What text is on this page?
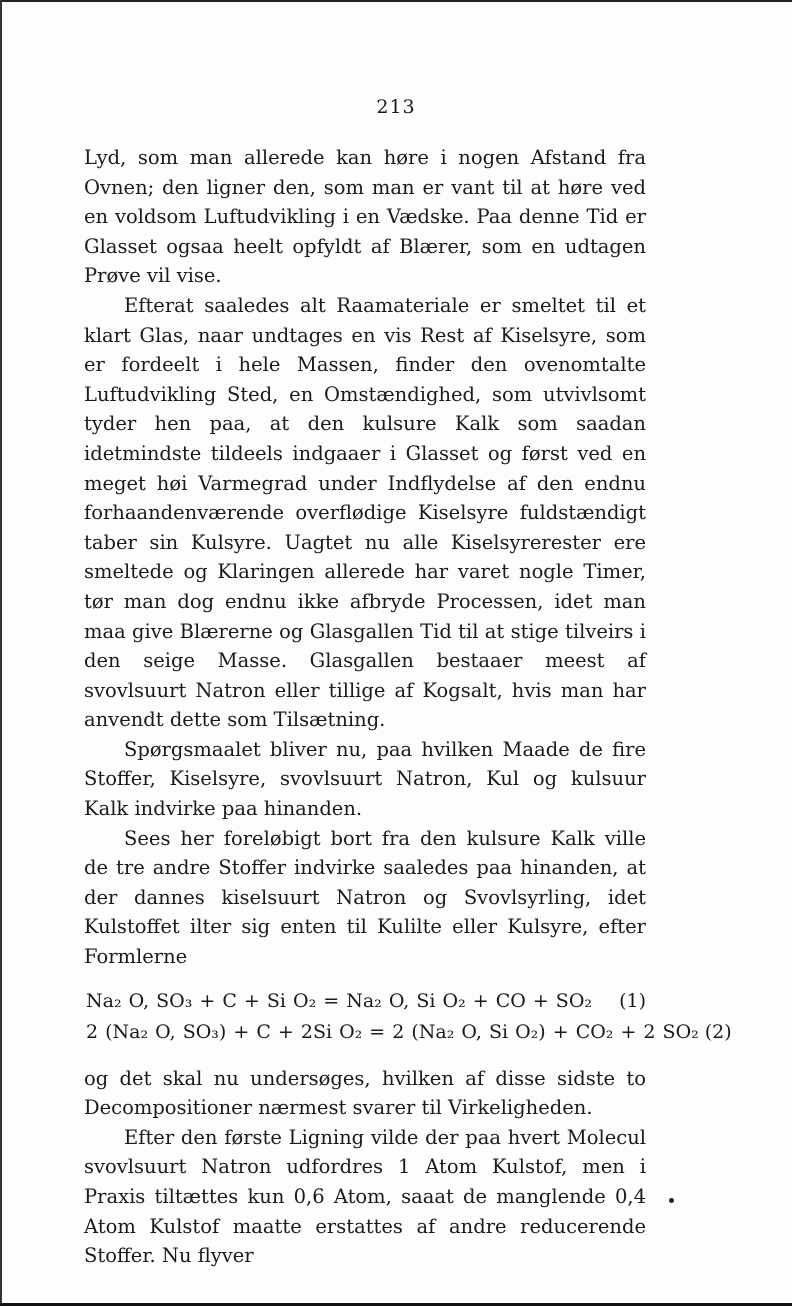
213

Lyd, som man allerede kan høre i nogen Afstand fra Ovnen; den ligner den, som man er vant til at høre ved en voldsom Luftudvikling i en Vædske. Paa denne Tid er Glasset ogsaa heelt opfyldt af Blærer, som en udtagen Prøve vil vise.

Efterat saaledes alt Raamateriale er smeltet til et klart Glas, naar undtages en vis Rest af Kiselsyre, som er fordeelt i hele Massen, finder den ovenomtalte Luftudvikling Sted, en Omstændighed, som utvivlsomt tyder hen paa, at den kulsure Kalk som saadan idetmindste tildeels indgaaer i Glasset og først ved en meget høi Varmegrad under Indflydelse af den endnu forhaandenværende overflødige Kiselsyre fuldstændigt taber sin Kulsyre. Uagtet nu alle Kiselsyrerester ere smeltede og Klaringen allerede har varet nogle Timer, tør man dog endnu ikke afbryde Processen, idet man maa give Blærerne og Glasgallen Tid til at stige tilveirs i den seige Masse. Glasgallen bestaaer meest af svovlsuurt Natron eller tillige af Kogsalt, hvis man har anvendt dette som Tilsætning.

Spørgsmaalet bliver nu, paa hvilken Maade de fire Stoffer, Kiselsyre, svovlsuurt Natron, Kul og kulsuur Kalk indvirke paa hinanden.

Sees her foreløbigt bort fra den kulsure Kalk ville de tre andre Stoffer indvirke saaledes paa hinanden, at der dannes kiselsuurt Natron og Svovlsyrling, idet Kulstoffet ilter sig enten til Kulilte eller Kulsyre, efter Formlerne

Na₂ O, SO₃ + C + Si O₂ = Na₂ O, Si O₂ + CO + SO₂	(1)
2 (Na₂ O, SO₃) + C + 2Si O₂ = 2 (Na₂ O, Si O₂) + CO₂ + 2 SO₂ (2)

og det skal nu undersøges, hvilken af disse sidste to Decompositioner nærmest svarer til Virkeligheden.

Efter den første Ligning vilde der paa hvert Molecul svovlsuurt Natron udfordres 1 Atom Kulstof, men i Praxis tiltættes kun 0,6 Atom, saaat de manglende 0,4 Atom Kulstof maatte erstattes af andre reducerende Stoffer. Nu flyver
